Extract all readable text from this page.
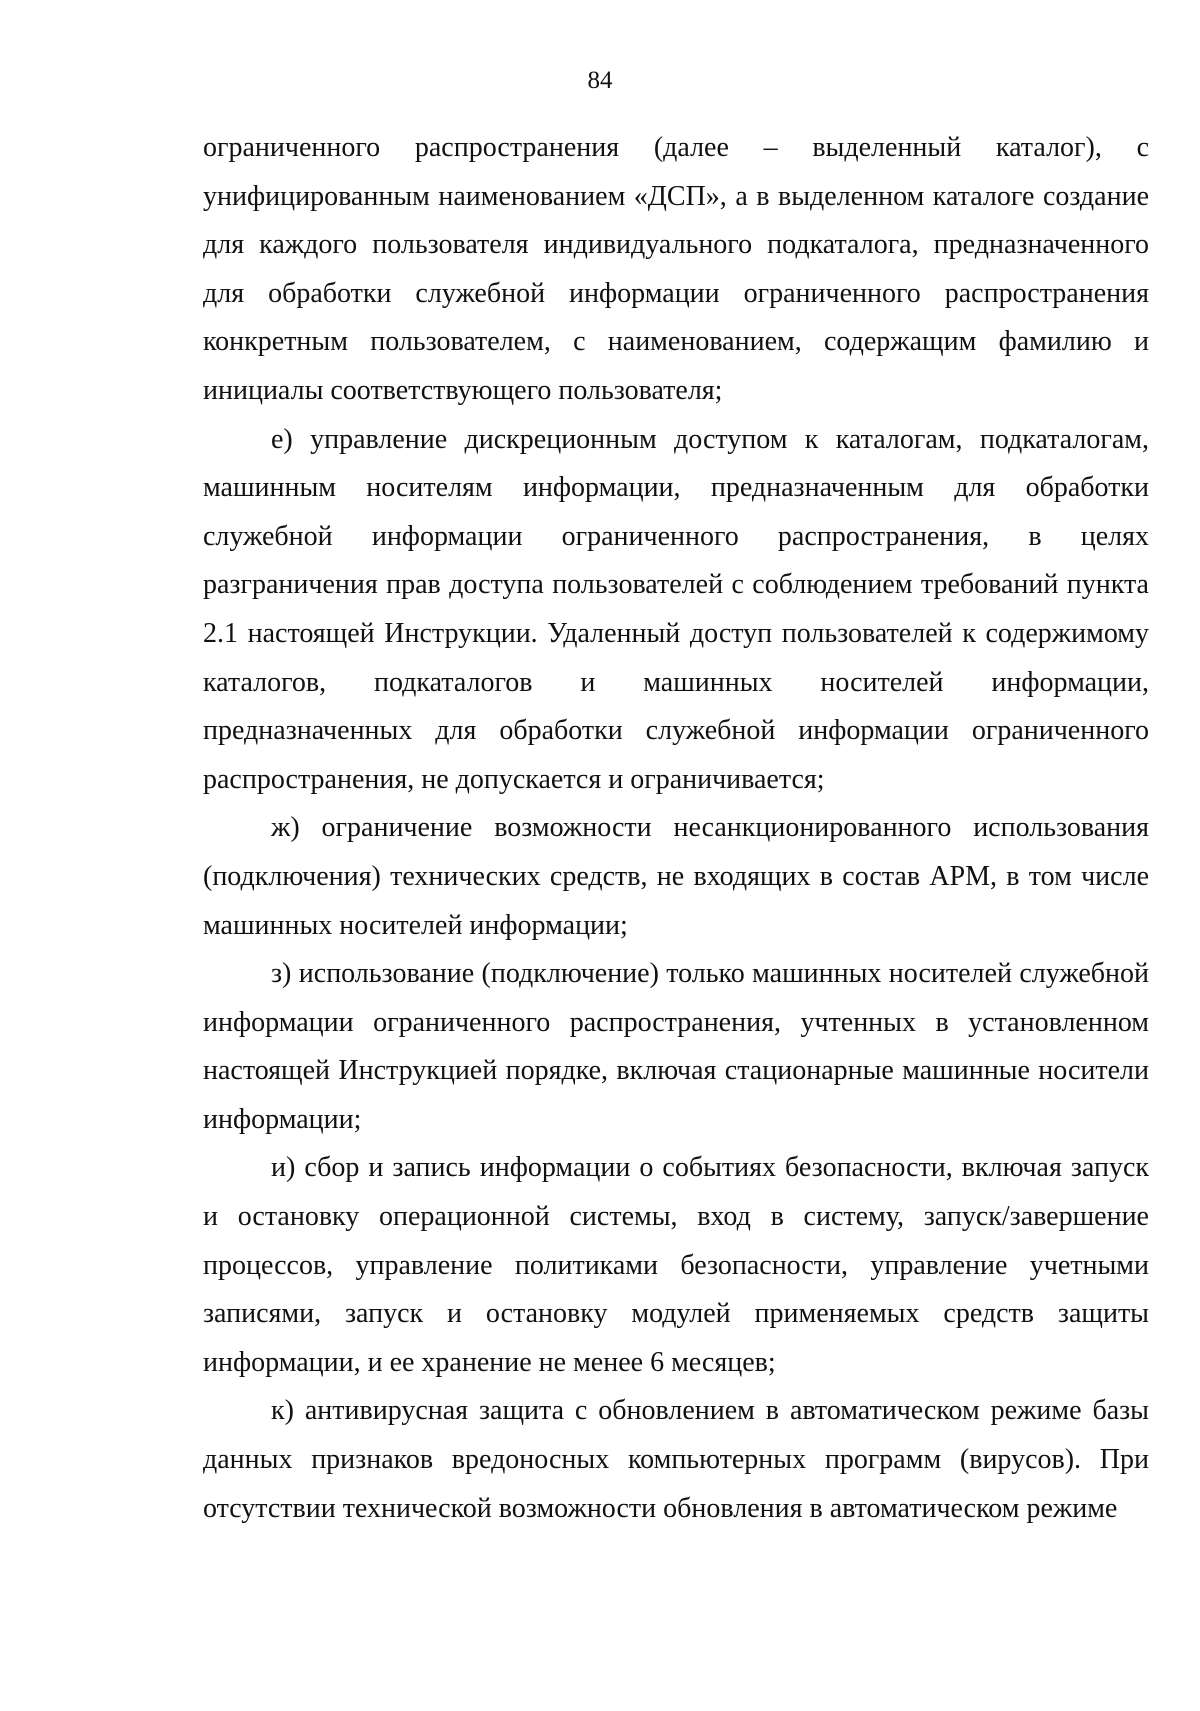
84

ограниченного распространения (далее – выделенный каталог), с унифицированным наименованием «ДСП», а в выделенном каталоге создание для каждого пользователя индивидуального подкаталога, предназначенного для обработки служебной информации ограниченного распространения конкретным пользователем, с наименованием, содержащим фамилию и инициалы соответствующего пользователя;

е) управление дискреционным доступом к каталогам, подкаталогам, машинным носителям информации, предназначенным для обработки служебной информации ограниченного распространения, в целях разграничения прав доступа пользователей с соблюдением требований пункта 2.1 настоящей Инструкции. Удаленный доступ пользователей к содержимому каталогов, подкаталогов и машинных носителей информации, предназначенных для обработки служебной информации ограниченного распространения, не допускается и ограничивается;

ж) ограничение возможности несанкционированного использования (подключения) технических средств, не входящих в состав АРМ, в том числе машинных носителей информации;

з) использование (подключение) только машинных носителей служебной информации ограниченного распространения, учтенных в установленном настоящей Инструкцией порядке, включая стационарные машинные носители информации;

и) сбор и запись информации о событиях безопасности, включая запуск и остановку операционной системы, вход в систему, запуск/завершение процессов, управление политиками безопасности, управление учетными записями, запуск и остановку модулей применяемых средств защиты информации, и ее хранение не менее 6 месяцев;

к) антивирусная защита с обновлением в автоматическом режиме базы данных признаков вредоносных компьютерных программ (вирусов). При отсутствии технической возможности обновления в автоматическом режиме
